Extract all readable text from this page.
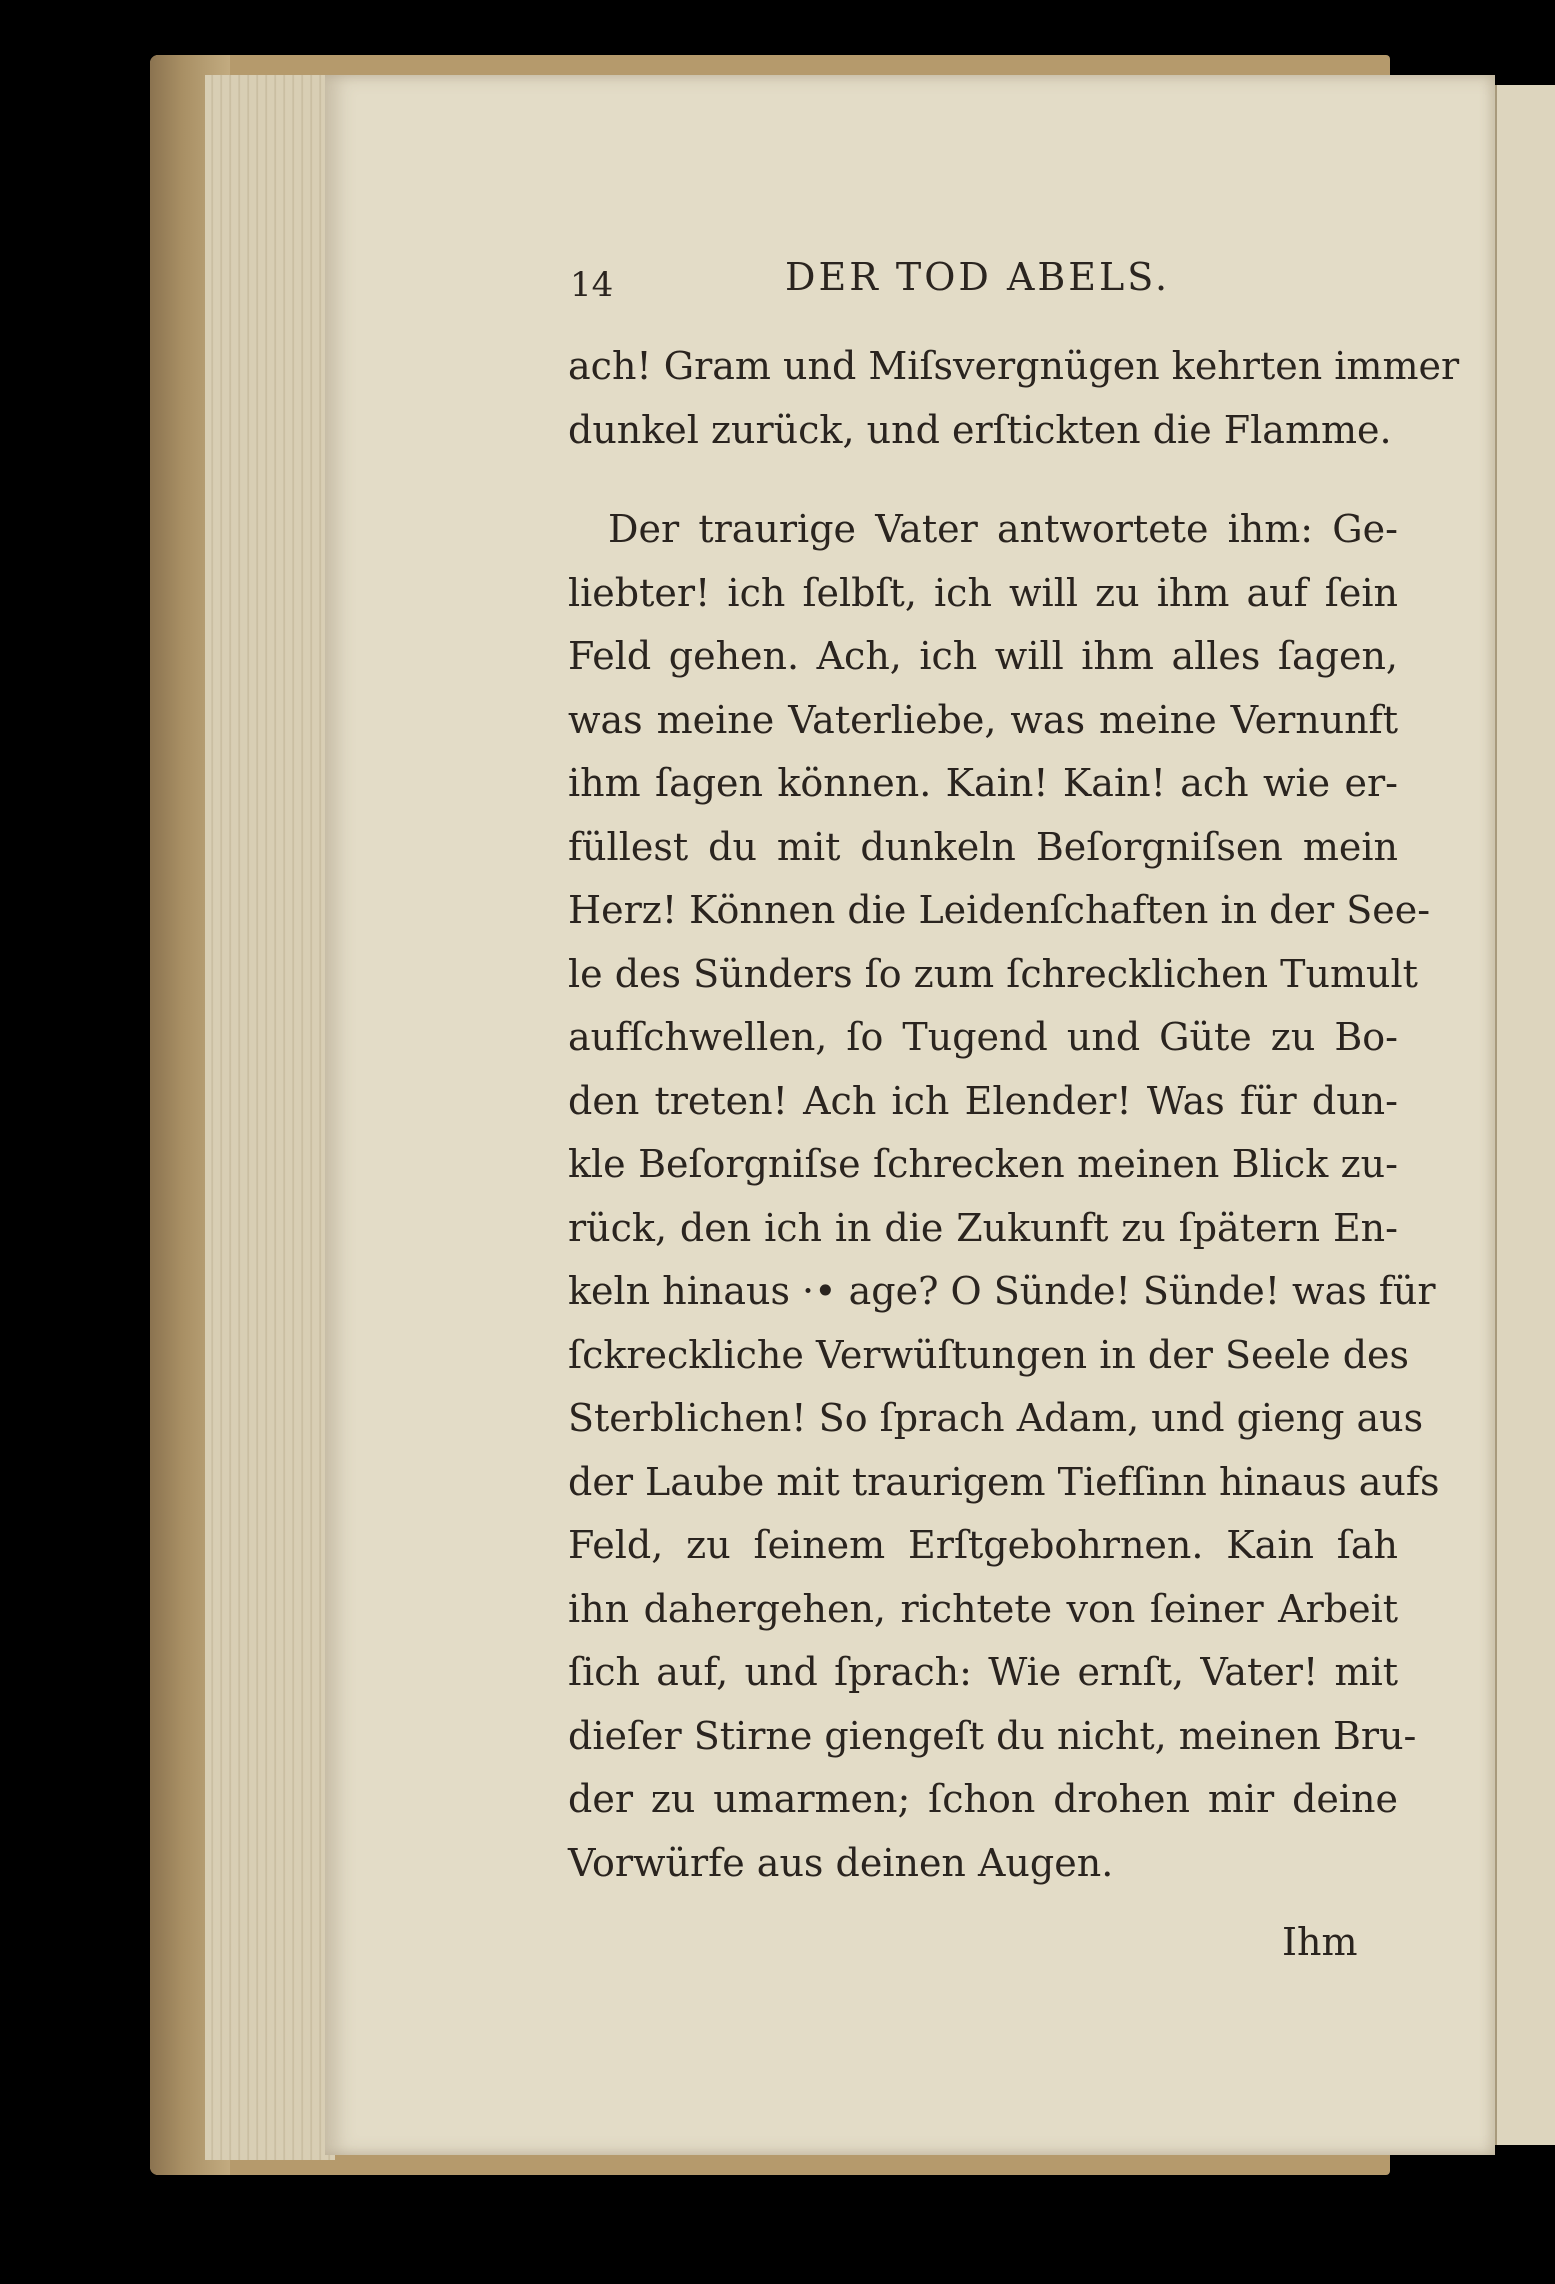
14	DER TOD ABELS.
ach! Gram und Miſsvergnügen kehrten immer
dunkel zurück, und erſtickten die Flamme.
Der traurige Vater antwortete ihm: Ge-
liebter! ich ſelbſt, ich will zu ihm auf ſein
Feld gehen. Ach, ich will ihm alles ſagen,
was meine Vaterliebe, was meine Vernunft
ihm ſagen können. Kain! Kain! ach wie er-
füllest du mit dunkeln Beſorgniſsen mein
Herz! Können die Leidenſchaften in der See-
le des Sünders ſo zum ſchrecklichen Tumult
aufſchwellen, ſo Tugend und Güte zu Bo-
den treten! Ach ich Elender! Was für dun-
kle Beſorgniſse ſchrecken meinen Blick zu-
rück, den ich in die Zukunft zu ſpätern En-
keln hinaus ·• age? O Sünde! Sünde! was für
ſckreckliche Verwüſtungen in der Seele des
Sterblichen! So ſprach Adam, und gieng aus
der Laube mit traurigem Tiefſinn hinaus aufs
Feld, zu ſeinem Erſtgebohrnen. Kain ſah
ihn dahergehen, richtete von ſeiner Arbeit
ſich auf, und ſprach: Wie ernſt, Vater! mit
dieſer Stirne giengeſt du nicht, meinen Bru-
der zu umarmen; ſchon drohen mir deine
Vorwürfe aus deinen Augen.
Ihm
